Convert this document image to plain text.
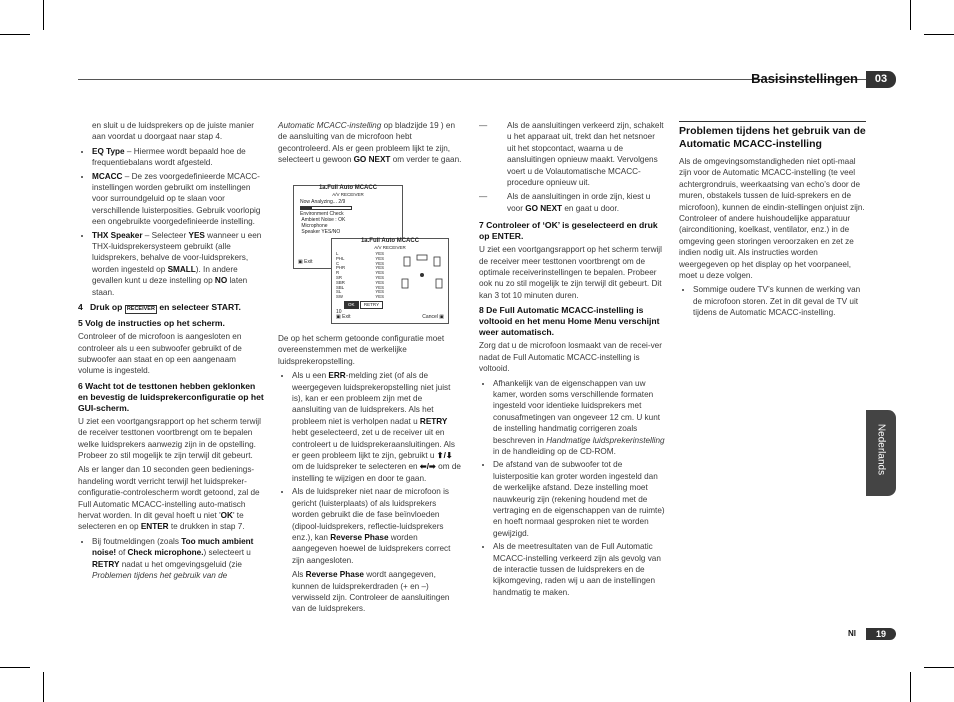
Basisinstellingen	03
Nederlands

en sluit u de luidsprekers op de juiste manier aan voordat u doorgaat naar stap 4.

• EQ Type – Hiermee wordt bepaald hoe de frequentiebalans wordt afgesteld.
• MCACC – De zes voorgedefinieerde MCACC-instellingen worden gebruikt om instellingen voor surroundgeluid op te slaan voor verschillende luisterposities. Gebruik voorlopig een ongebruikte voorgedefinieerde instelling.
• THX Speaker – Selecteer YES wanneer u een THX-luidsprekersysteem gebruikt (alle luidsprekers, behalve de voor-luidsprekers, worden ingesteld op SMALL). In andere gevallen kunt u deze instelling op NO laten staan.
4 Druk op RECEIVER en selecteer START.
5 Volg de instructies op het scherm.

Controleer of de microfoon is aangesloten en controleer als u een subwoofer gebruikt of de subwoofer aan staat en op een aangenaam volume is ingesteld.

6 Wacht tot de testtonen hebben geklonken en bevestig de luidsprekerconfiguratie op het GUI-scherm.

U ziet een voortgangsrapport op het scherm terwijl de receiver testtonen voortbrengt om te bepalen welke luidsprekers aanwezig zijn in de opstelling. Probeer zo stil mogelijk te zijn terwijl dit gebeurt.

Als er langer dan 10 seconden geen bedienings-handeling wordt verricht terwijl het luidspreker-configuratie-controlescherm wordt getoond, zal de Full Automatic MCACC-instelling auto-matisch hervat worden. In dit geval hoeft u niet 'OK' te selecteren en op ENTER te drukken in stap 7.

• Bij foutmeldingen (zoals Too much ambient noise! of Check microphone.) selecteert u RETRY nadat u het omgevingsgeluid (zie Problemen tijdens het gebruik van de

Automatic MCACC-instelling op bladzijde 19 ) en de aansluiting van de microfoon hebt gecontroleerd. Als er geen probleem lijkt te zijn, selecteert u gewoon GO NEXT om verder te gaan.

1a.Full Auto MCACC
A/V RECEIVER
Now Analyzing... 2/9
Environment Check
Ambient Noise : OK
Microphone
Speaker YES/NO
▣ Exit
1a.Full Auto MCACC
A/V RECEIVER
L	YES
PHL	YES
C	YES
PHR	YES
R	YES
SR	YES
SBR	YES
SBL	YES
SL	YES
SW	YES
10
OK RETRY
▣ Exit	Cancel ▣

De op het scherm getoonde configuratie moet overeenstemmen met de werkelijke luidsprekeropstelling.

• Als u een ERR-melding ziet (of als de weergegeven luidsprekeropstelling niet juist is), kan er een probleem zijn met de aansluiting van de luidsprekers. Als het probleem niet is verholpen nadat u RETRY hebt geselecteerd, zet u de receiver uit en controleert u de luidsprekeraansluitingen. Als er geen probleem lijkt te zijn, gebruikt u ⬆/⬇ om de luidspreker te selecteren en ⬅/➡ om de instelling te wijzigen en door te gaan.
• Als de luidspreker niet naar de microfoon is gericht (luisterplaats) of als luidsprekers worden gebruikt die de fase beïnvloeden (dipool-luidsprekers, reflectie-luidsprekers enz.), kan Reverse Phase worden aangegeven hoewel de luidsprekers correct zijn aangesloten.
Als Reverse Phase wordt aangegeven, kunnen de luidsprekerdraden (+ en –) verwisseld zijn. Controleer de aansluitingen van de luidsprekers.
— Als de aansluitingen verkeerd zijn, schakelt u het apparaat uit, trekt dan het netsnoer uit het stopcontact, waarna u de aansluitingen opnieuw maakt. Vervolgens voert u de Volautomatische MCACC-procedure opnieuw uit.
— Als de aansluitingen in orde zijn, kiest u voor GO NEXT en gaat u door.
7 Controleer of ‘OK’ is geselecteerd en druk op ENTER.

U ziet een voortgangsrapport op het scherm terwijl de receiver meer testtonen voortbrengt om de optimale receiverinstellingen te bepalen. Probeer ook nu zo stil mogelijk te zijn terwijl dit gebeurt. Dit kan 3 tot 10 minuten duren.

8 De Full Automatic MCACC-instelling is voltooid en het menu Home Menu verschijnt weer automatisch.

Zorg dat u de microfoon losmaakt van de recei-ver nadat de Full Automatic MCACC-instelling is voltooid.

• Afhankelijk van de eigenschappen van uw kamer, worden soms verschillende formaten ingesteld voor identieke luidsprekers met conusafmetingen van ongeveer 12 cm. U kunt de instelling handmatig corrigeren zoals beschreven in Handmatige luidsprekerinstelling in de handleiding op de CD-ROM.
• De afstand van de subwoofer tot de luisterpositie kan groter worden ingesteld dan de werkelijke afstand. Deze instelling moet nauwkeurig zijn (rekening houdend met de vertraging en de eigenschappen van de ruimte) en hoeft normaal gesproken niet te worden gewijzigd.
• Als de meetresultaten van de Full Automatic MCACC-instelling verkeerd zijn als gevolg van de interactie tussen de luidsprekers en de kijkomgeving, raden wij u aan de instellingen handmatig te maken.
Problemen tijdens het gebruik van de Automatic MCACC-instelling

Als de omgevingsomstandigheden niet opti-maal zijn voor de Automatic MCACC-instelling (te veel achtergrondruis, weerkaatsing van echo’s door de muren, obstakels tussen de luid-sprekers en de microfoon), kunnen de eindin-stellingen onjuist zijn. Controleer of andere huishoudelijke apparatuur (airconditioning, koelkast, ventilator, enz.) in de omgeving geen storingen veroorzaken en zet ze indien nodig uit. Als instructies worden weergegeven op het display op het voorpaneel, moet u deze volgen.

• Sommige oudere TV’s kunnen de werking van de microfoon storen. Zet in dit geval de TV uit tijdens de Automatic MCACC-instelling.
Nl	19
